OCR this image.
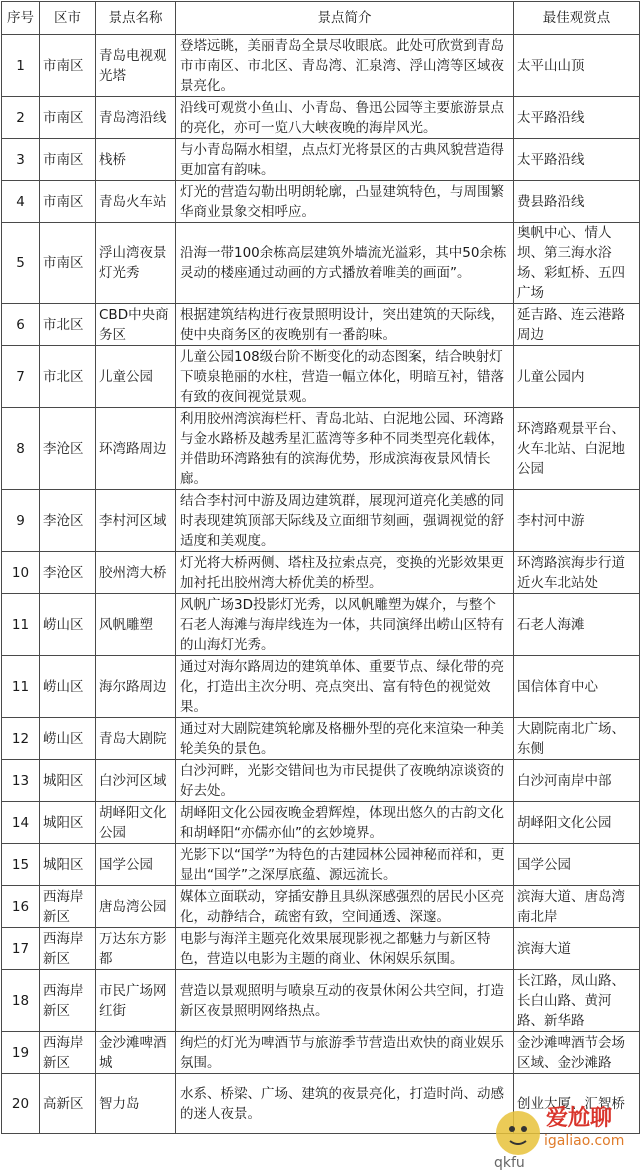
序号	区市	景点名称	景点简介	最佳观赏点
1	市南区	青岛电视观光塔	登塔远眺，美丽青岛全景尽收眼底。此处可欣赏到青岛市市南区、市北区、青岛湾、汇泉湾、浮山湾等区域夜景亮化。	太平山山顶
2	市南区	青岛湾沿线	沿线可观赏小鱼山、小青岛、鲁迅公园等主要旅游景点的亮化，亦可一览八大峡夜晚的海岸风光。	太平路沿线
3	市南区	栈桥	与小青岛隔水相望，点点灯光将景区的古典风貌营造得更加富有韵味。	太平路沿线
4	市南区	青岛火车站	灯光的营造勾勒出明朗轮廓，凸显建筑特色，与周围繁华商业景象交相呼应。	费县路沿线
5	市南区	浮山湾夜景灯光秀	沿海一带100余栋高层建筑外墙流光溢彩，其中50余栋灵动的楼座通过动画的方式播放着唯美的画面”。	奥帆中心、情人坝、第三海水浴场、彩虹桥、五四广场
6	市北区	CBD中央商务区	根据建筑结构进行夜景照明设计，突出建筑的天际线，使中央商务区的夜晚别有一番韵味。	延吉路、连云港路周边
7	市北区	儿童公园	儿童公园108级台阶不断变化的动态图案，结合映射灯下喷泉艳丽的水柱，营造一幅立体化，明暗互衬，错落有致的夜间视觉景观。	儿童公园内
8	李沧区	环湾路周边	利用胶州湾滨海栏杆、青岛北站、白泥地公园、环湾路与金水路桥及越秀星汇蓝湾等多种不同类型亮化载体，并借助环湾路独有的滨海优势，形成滨海夜景风情长廊。	环湾路观景平台、火车北站、白泥地公园
9	李沧区	李村河区域	结合李村河中游及周边建筑群，展现河道亮化美感的同时表现建筑顶部天际线及立面细节刻画，强调视觉的舒适度和美观度。	李村河中游
10	李沧区	胶州湾大桥	灯光将大桥两侧、塔柱及拉索点亮，变换的光影效果更加衬托出胶州湾大桥优美的桥型。	环湾路滨海步行道近火车北站处
11	崂山区	风帆雕塑	风帆广场3D投影灯光秀，以风帆雕塑为媒介，与整个石老人海滩与海岸线连为一体，共同演绎出崂山区特有的山海灯光秀。	石老人海滩
11	崂山区	海尔路周边	通过对海尔路周边的建筑单体、重要节点、绿化带的亮化，打造出主次分明、亮点突出、富有特色的视觉效果。	国信体育中心
12	崂山区	青岛大剧院	通过对大剧院建筑轮廓及格栅外型的亮化来渲染一种美轮美奂的景色。	大剧院南北广场、东侧
13	城阳区	白沙河区域	白沙河畔，光影交错间也为市民提供了夜晚纳凉谈资的好去处。	白沙河南岸中部
14	城阳区	胡峄阳文化公园	胡峄阳文化公园夜晚金碧辉煌，体现出悠久的古韵文化和胡峄阳“亦儒亦仙”的玄妙境界。	胡峄阳文化公园
15	城阳区	国学公园	光影下以“国学”为特色的古建园林公园神秘而祥和，更显出“国学”之深厚底蕴、源远流长。	国学公园
16	西海岸新区	唐岛湾公园	媒体立面联动，穿插安静且具纵深感强烈的居民小区亮化，动静结合，疏密有致，空间通透、深邃。	滨海大道、唐岛湾南北岸
17	西海岸新区	万达东方影都	电影与海洋主题亮化效果展现影视之都魅力与新区特色，营造以电影为主题的商业、休闲娱乐氛围。	滨海大道
18	西海岸新区	市民广场网红街	营造以景观照明与喷泉互动的夜景休闲公共空间，打造新区夜景照明网络热点。	长江路，凤山路、长白山路、黄河路、新华路
19	西海岸新区	金沙滩啤酒城	绚烂的灯光为啤酒节与旅游季节营造出欢快的商业娱乐氛围。	金沙滩啤酒节会场区域、金沙滩路
20	高新区	智力岛	水系、桥梁、广场、建筑的夜景亮化，打造时尚、动感的迷人夜景。	创业大厦、汇智桥
爱尬聊
igaliao.com
qkfu
